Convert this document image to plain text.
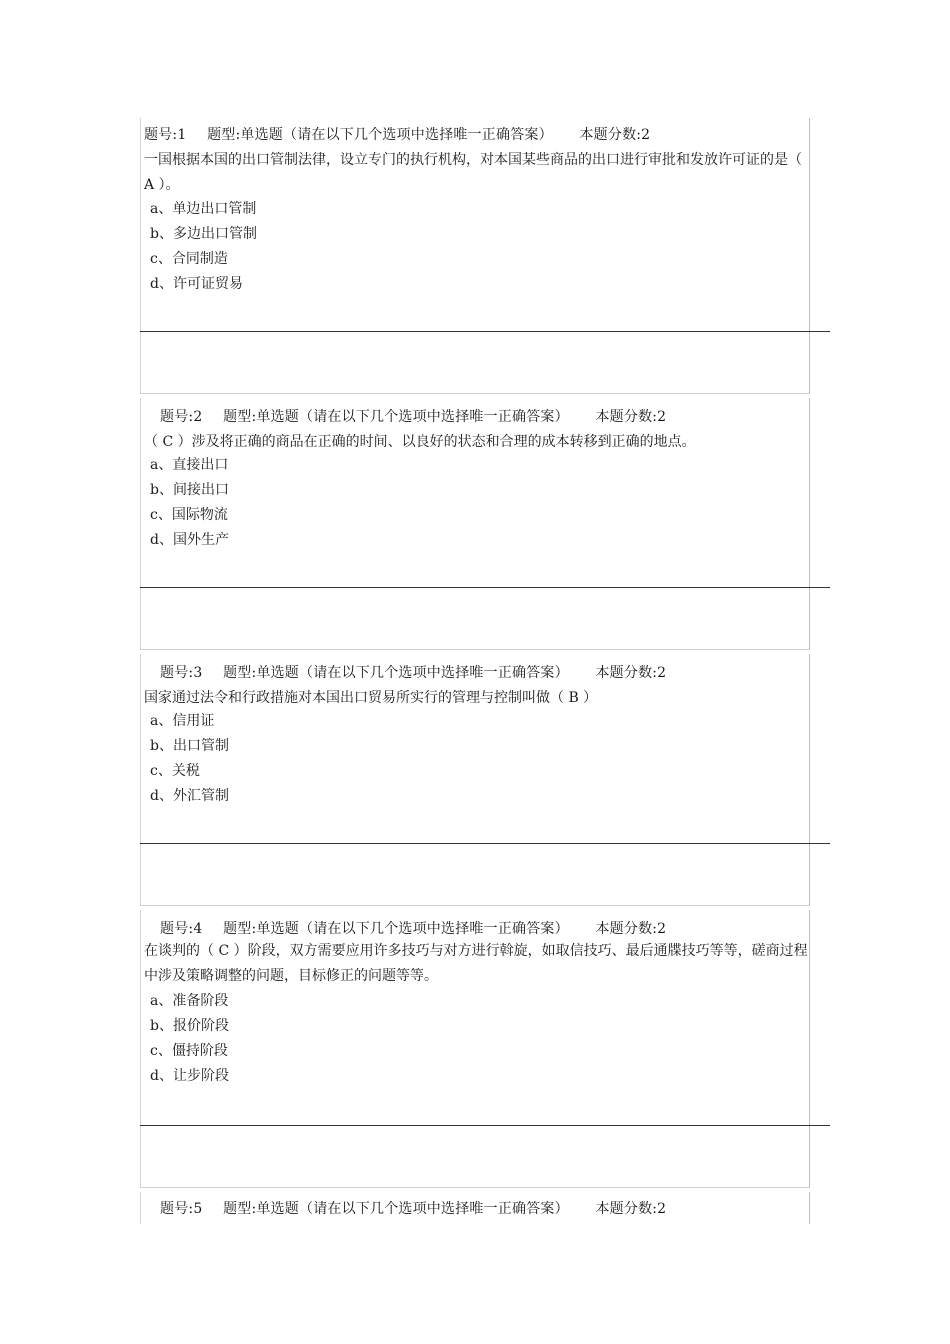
题号:1 题型:单选题（请在以下几个选项中选择唯一正确答案） 本题分数:2
一国根据本国的出口管制法律，设立专门的执行机构，对本国某些商品的出口进行审批和发放许可证的是（ A ）。
a、单边出口管制
b、多边出口管制
c、合同制造
d、许可证贸易
题号:2 题型:单选题（请在以下几个选项中选择唯一正确答案） 本题分数:2
（ C ）涉及将正确的商品在正确的时间、以良好的状态和合理的成本转移到正确的地点。
a、直接出口
b、间接出口
c、国际物流
d、国外生产
题号:3 题型:单选题（请在以下几个选项中选择唯一正确答案） 本题分数:2
国家通过法令和行政措施对本国出口贸易所实行的管理与控制叫做（ B ）
a、信用证
b、出口管制
c、关税
d、外汇管制
题号:4 题型:单选题（请在以下几个选项中选择唯一正确答案） 本题分数:2
在谈判的（ C ）阶段，双方需要应用许多技巧与对方进行斡旋，如取信技巧、最后通牒技巧等等，磋商过程中涉及策略调整的问题，目标修正的问题等等。
a、准备阶段
b、报价阶段
c、僵持阶段
d、让步阶段
题号:5 题型:单选题（请在以下几个选项中选择唯一正确答案） 本题分数:2
